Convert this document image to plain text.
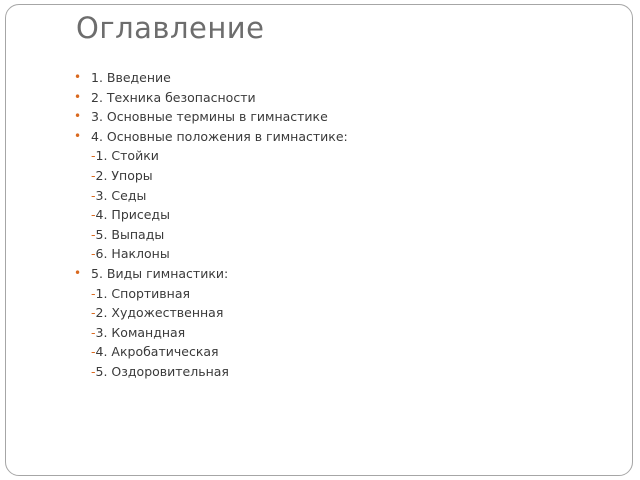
Оглавление
• 1. Введение
• 2. Техника безопасности
• 3. Основные термины в гимнастике
• 4. Основные положения в гимнастике:
-1. Стойки
-2. Упоры
-3. Седы
-4. Приседы
-5. Выпады
-6. Наклоны
• 5. Виды гимнастики:
-1. Спортивная
-2. Художественная
-3. Командная
-4. Акробатическая
-5. Оздоровительная
